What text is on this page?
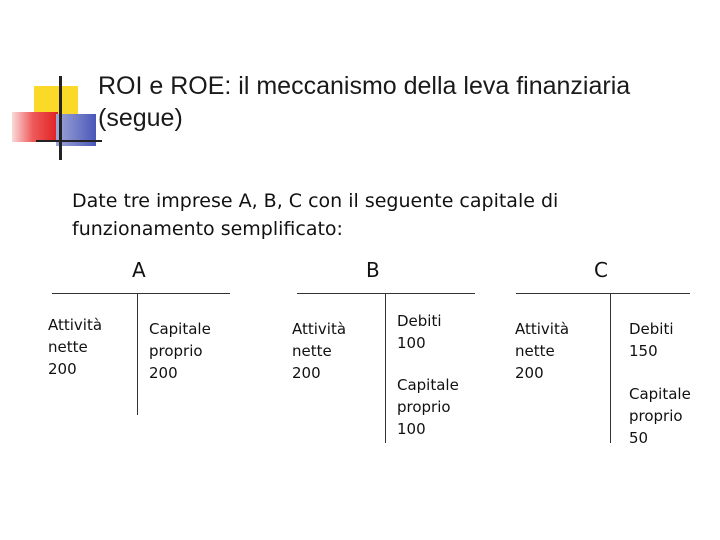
ROI e ROE: il meccanismo della leva finanziaria
(segue)
Date tre imprese A, B, C con il seguente capitale di
funzionamento semplificato:
A	B	C
Attività
nette
200
Capitale
proprio
200
Attività
nette
200
Debiti
100
Capitale
proprio
100
Attività
nette
200
Debiti
150
Capitale
proprio
50
